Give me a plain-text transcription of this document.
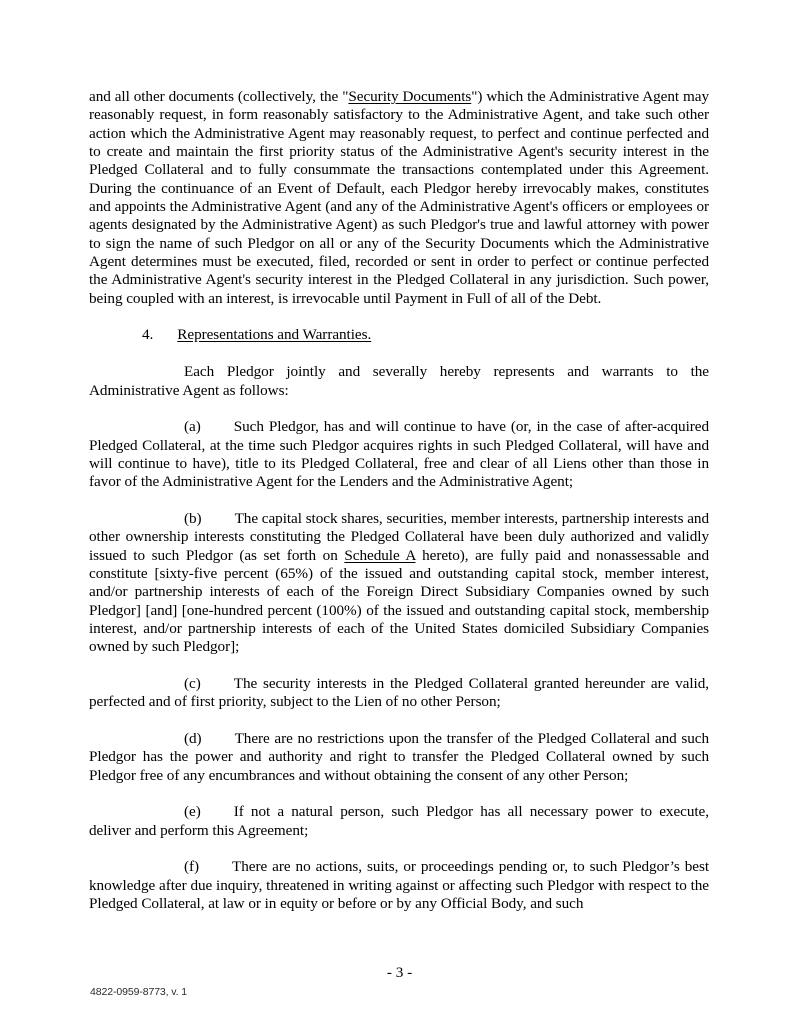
and all other documents (collectively, the "Security Documents") which the Administrative Agent may reasonably request, in form reasonably satisfactory to the Administrative Agent, and take such other action which the Administrative Agent may reasonably request, to perfect and continue perfected and to create and maintain the first priority status of the Administrative Agent's security interest in the Pledged Collateral and to fully consummate the transactions contemplated under this Agreement. During the continuance of an Event of Default, each Pledgor hereby irrevocably makes, constitutes and appoints the Administrative Agent (and any of the Administrative Agent's officers or employees or agents designated by the Administrative Agent) as such Pledgor's true and lawful attorney with power to sign the name of such Pledgor on all or any of the Security Documents which the Administrative Agent determines must be executed, filed, recorded or sent in order to perfect or continue perfected the Administrative Agent's security interest in the Pledged Collateral in any jurisdiction. Such power, being coupled with an interest, is irrevocable until Payment in Full of all of the Debt.

4. Representations and Warranties.

Each Pledgor jointly and severally hereby represents and warrants to the Administrative Agent as follows:

(a) Such Pledgor, has and will continue to have (or, in the case of after-acquired Pledged Collateral, at the time such Pledgor acquires rights in such Pledged Collateral, will have and will continue to have), title to its Pledged Collateral, free and clear of all Liens other than those in favor of the Administrative Agent for the Lenders and the Administrative Agent;

(b) The capital stock shares, securities, member interests, partnership interests and other ownership interests constituting the Pledged Collateral have been duly authorized and validly issued to such Pledgor (as set forth on Schedule A hereto), are fully paid and nonassessable and constitute [sixty-five percent (65%) of the issued and outstanding capital stock, member interest, and/or partnership interests of each of the Foreign Direct Subsidiary Companies owned by such Pledgor] [and] [one-hundred percent (100%) of the issued and outstanding capital stock, membership interest, and/or partnership interests of each of the United States domiciled Subsidiary Companies owned by such Pledgor];

(c) The security interests in the Pledged Collateral granted hereunder are valid, perfected and of first priority, subject to the Lien of no other Person;

(d) There are no restrictions upon the transfer of the Pledged Collateral and such Pledgor has the power and authority and right to transfer the Pledged Collateral owned by such Pledgor free of any encumbrances and without obtaining the consent of any other Person;

(e) If not a natural person, such Pledgor has all necessary power to execute, deliver and perform this Agreement;

(f) There are no actions, suits, or proceedings pending or, to such Pledgor’s best knowledge after due inquiry, threatened in writing against or affecting such Pledgor with respect to the Pledged Collateral, at law or in equity or before or by any Official Body, and such

- 3 -
4822-0959-8773, v. 1
